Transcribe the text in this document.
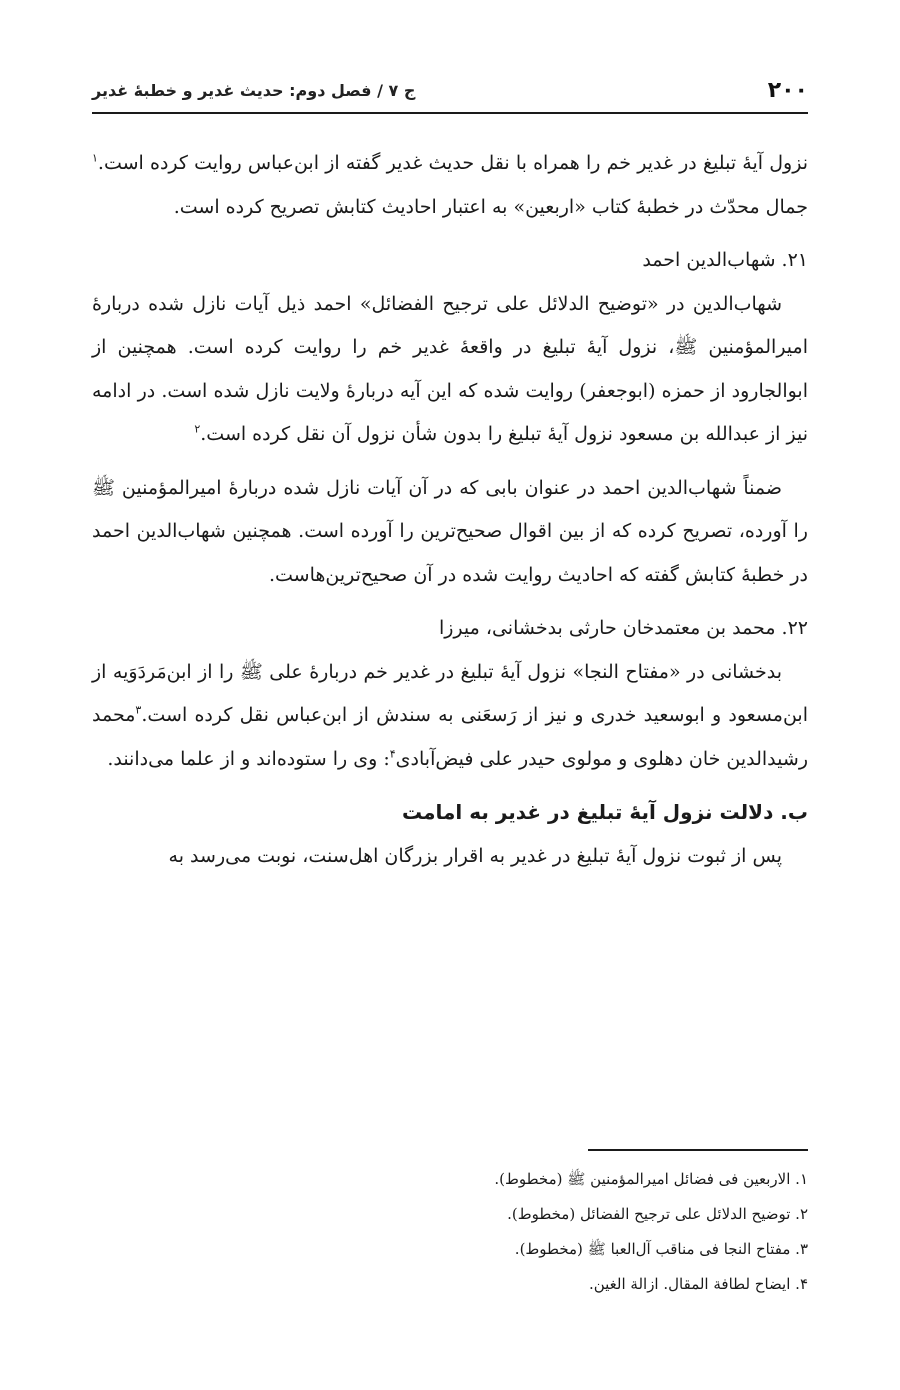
۲۰۰
ج ۷ / فصل دوم: حدیث غدیر و خطبهٔ غدیر

نزول آیهٔ تبلیغ در غدیر خم را همراه با نقل حدیث غدیر گفته از ابن‌عباس روایت کرده است.$^۱$ جمال محدّث در خطبهٔ کتاب «اربعین» به اعتبار احادیث کتابش تصریح کرده است.

۲۱. شهاب‌الدین احمد

شهاب‌الدین در «توضیح الدلائل علی ترجیح الفضائل» احمد ذیل آیات نازل شده دربارهٔ امیرالمؤمنین ﷺ، نزول آیهٔ تبلیغ در واقعهٔ غدیر خم را روایت کرده است. همچنین از ابوالجارود از حمزه (ابوجعفر) روایت شده که این آیه دربارهٔ ولایت نازل شده است. در ادامه نیز از عبدالله بن مسعود نزول آیهٔ تبلیغ را بدون شأن نزول آن نقل کرده است.$^۲$

ضمناً شهاب‌الدین احمد در عنوان بابی که در آن آیات نازل شده دربارهٔ امیرالمؤمنین ﷺ را آورده، تصریح کرده که از بین اقوال صحیح‌ترین را آورده است. همچنین شهاب‌الدین احمد در خطبهٔ کتابش گفته که احادیث روایت شده در آن صحیح‌ترین‌هاست.

۲۲. محمد بن معتمدخان حارثی بدخشانی، میرزا

بدخشانی در «مفتاح النجا» نزول آیهٔ تبلیغ در غدیر خم دربارهٔ علی ﷺ را از ابن‌مَردَوَیه از ابن‌مسعود و ابوسعید خدری و نیز از رَسعَنی به سندش از ابن‌عباس نقل کرده است.$^۳$محمد رشیدالدین خان دهلوی و مولوی حیدر علی فیض‌آبادی$^۴$: وی را ستوده‌اند و از علما می‌دانند.

ب. دلالت نزول آیهٔ تبلیغ در غدیر به امامت

پس از ثبوت نزول آیهٔ تبلیغ در غدیر به اقرار بزرگان اهل‌سنت، نوبت می‌رسد به

۱. الاربعین فی فضائل امیرالمؤمنین ﷺ (مخطوط).
۲. توضیح الدلائل علی ترجیح الفضائل (مخطوط).
۳. مفتاح النجا فی مناقب آل‌العبا ﷺ (مخطوط).
۴. ایضاح لطافة المقال. ازالة الغین.
